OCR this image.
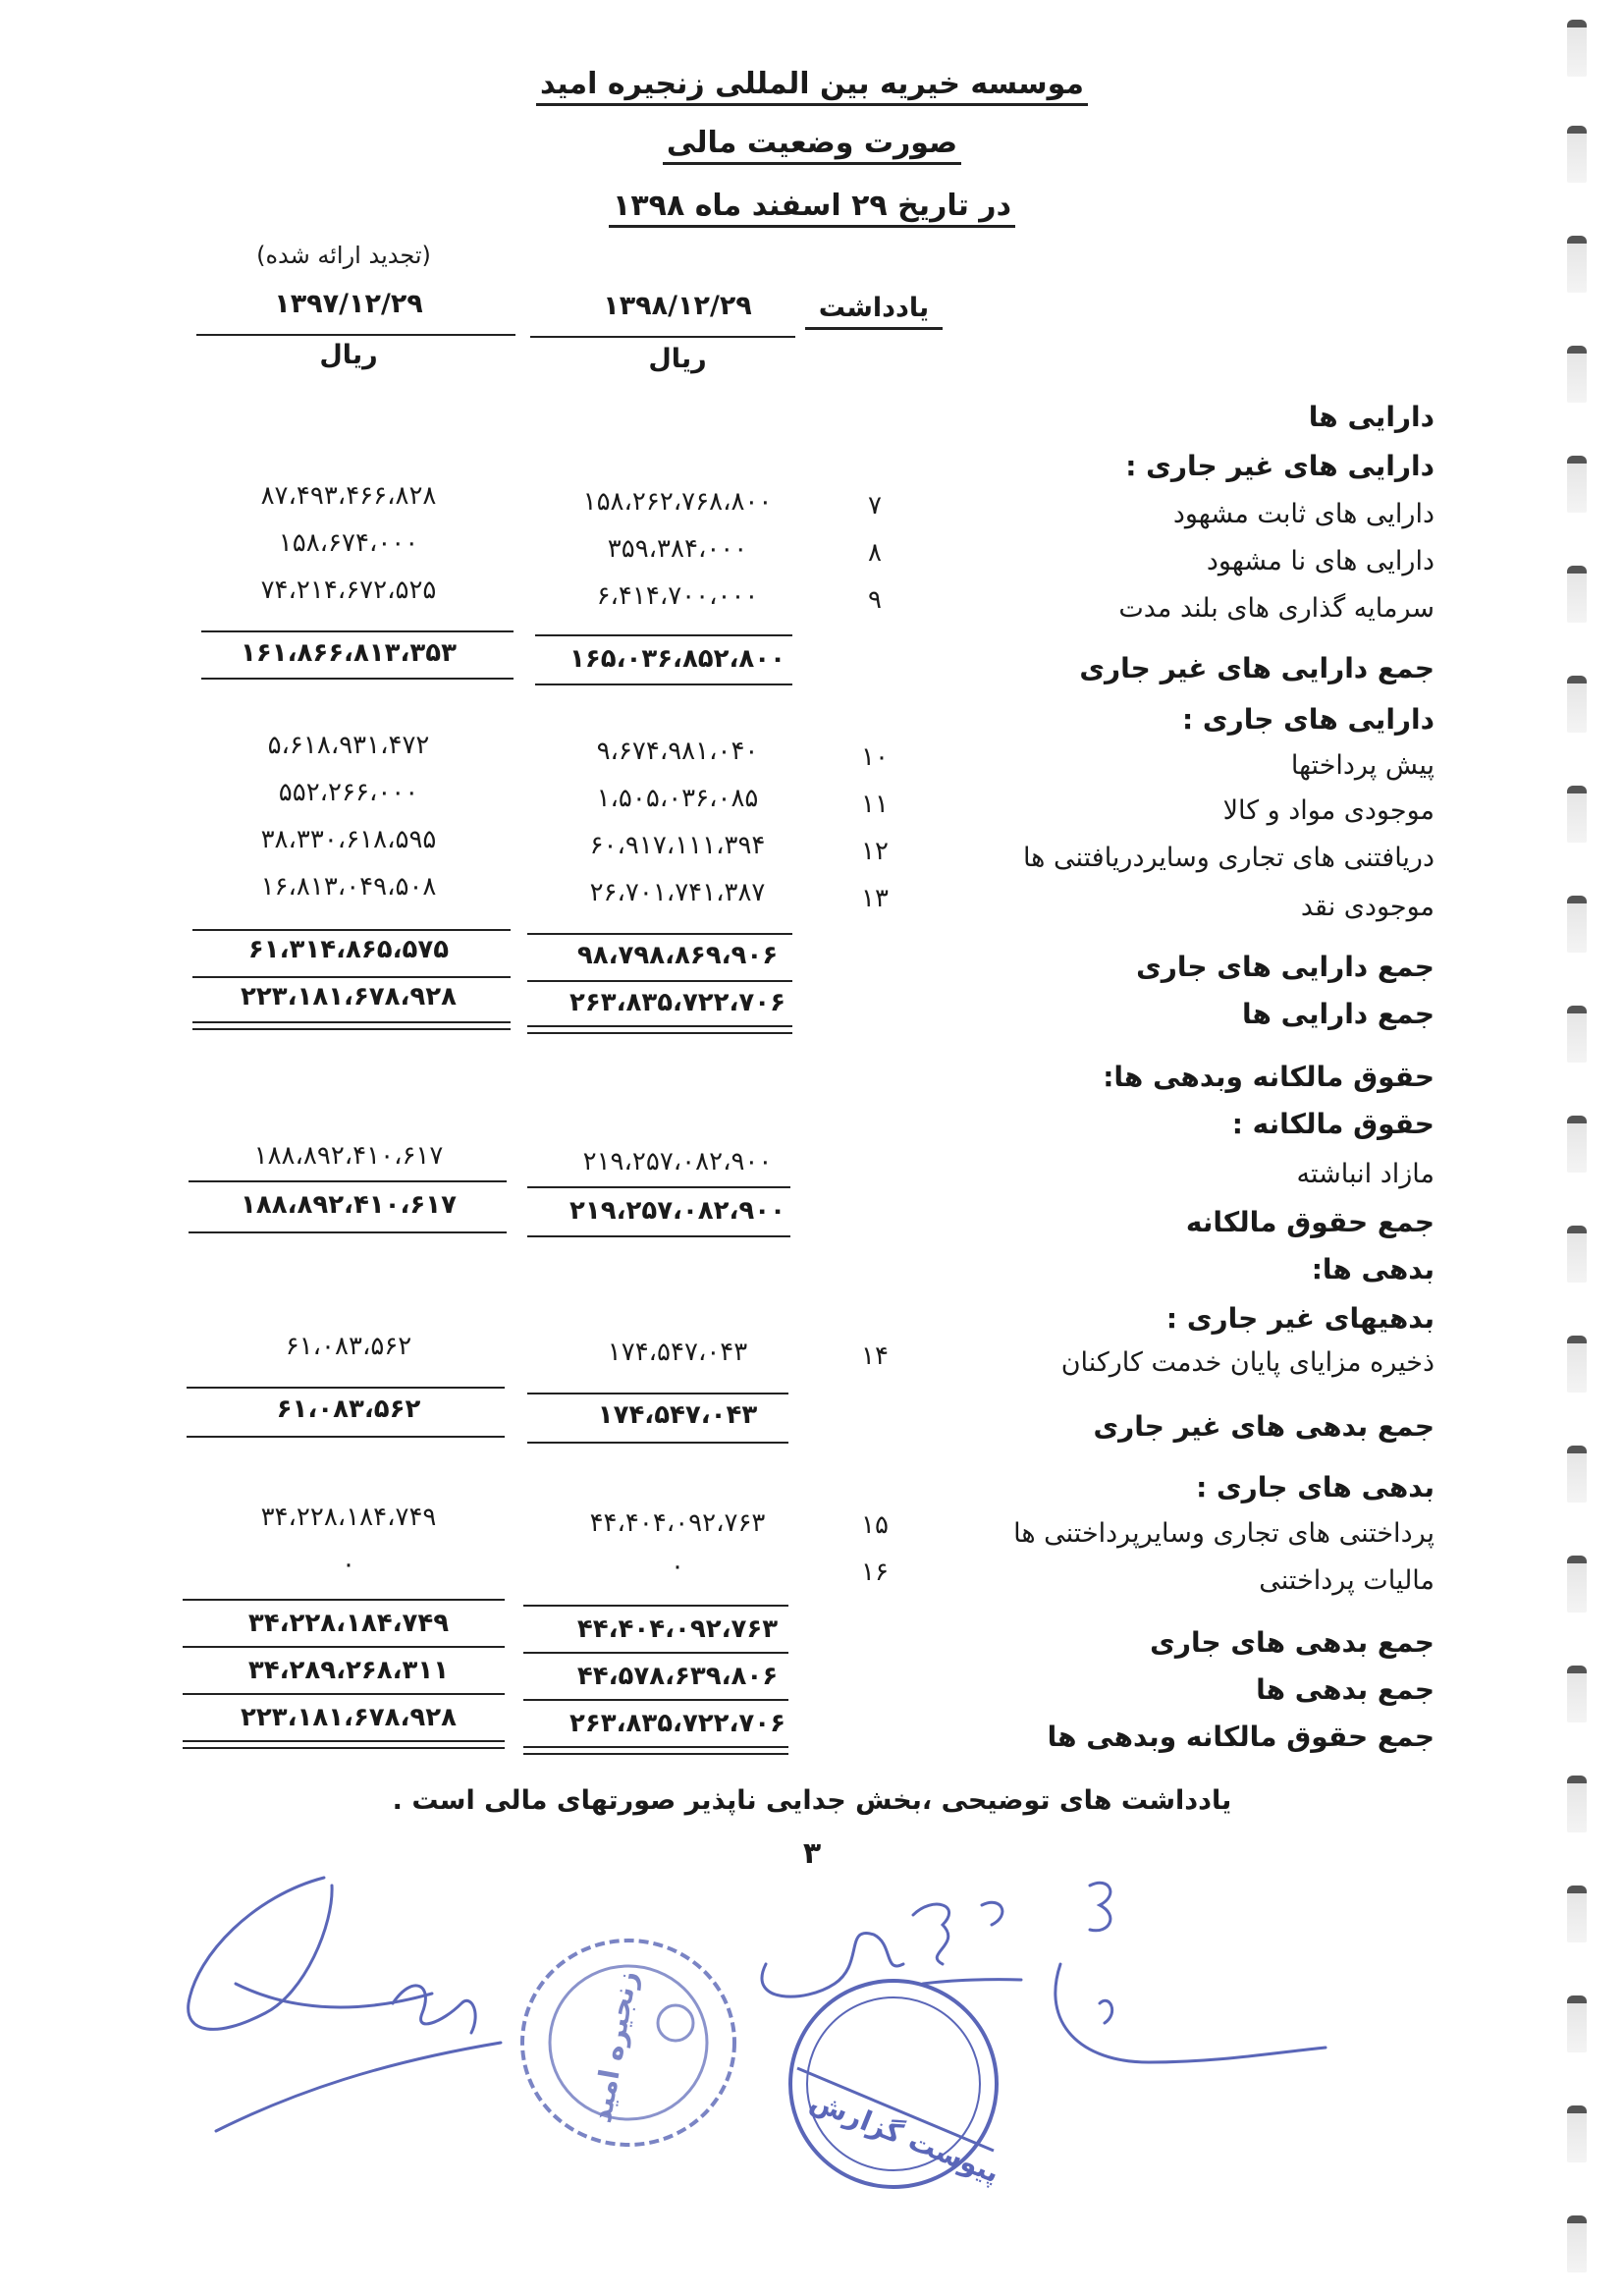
موسسه خیریه بین المللی زنجیره امید
صورت وضعیت مالی
در تاریخ ۲۹ اسفند ماه ۱۳۹۸
یادداشت
۱۳۹۸/۱۲/۲۹
(تجدید ارائه شده)
۱۳۹۷/۱۲/۲۹
ریال
ریال
دارایی ها
دارایی های غیر جاری :
دارایی های ثابت مشهود
دارایی های نا مشهود
سرمایه گذاری های بلند مدت
جمع دارایی های غیر جاری
دارایی های جاری :
پیش پرداختها
موجودی مواد و کالا
دریافتنی های تجاری وسایردریافتنی ها
موجودی نقد
جمع دارایی های جاری
جمع دارایی ها
حقوق مالکانه وبدهی ها:
حقوق مالکانه :
مازاد انباشته
جمع حقوق مالکانه
بدهی ها:
بدهیهای غیر جاری :
ذخیره مزایای پایان خدمت کارکنان
جمع بدهی های غیر جاری
بدهی های جاری :
پرداختنی های تجاری وسایرپرداختنی ها
مالیات پرداختنی
جمع بدهی های جاری
جمع بدهی ها
جمع حقوق مالکانه وبدهی ها
۷
۸
۹
۱۰
۱۱
۱۲
۱۳
۱۴
۱۵
۱۶
۱۵۸،۲۶۲،۷۶۸،۸۰۰
۳۵۹،۳۸۴،۰۰۰
۶،۴۱۴،۷۰۰،۰۰۰
۱۶۵،۰۳۶،۸۵۲،۸۰۰
۹،۶۷۴،۹۸۱،۰۴۰
۱،۵۰۵،۰۳۶،۰۸۵
۶۰،۹۱۷،۱۱۱،۳۹۴
۲۶،۷۰۱،۷۴۱،۳۸۷
۹۸،۷۹۸،۸۶۹،۹۰۶
۲۶۳،۸۳۵،۷۲۲،۷۰۶
۲۱۹،۲۵۷،۰۸۲،۹۰۰
۲۱۹،۲۵۷،۰۸۲،۹۰۰
۱۷۴،۵۴۷،۰۴۳
۱۷۴،۵۴۷،۰۴۳
۴۴،۴۰۴،۰۹۲،۷۶۳
۰
۴۴،۴۰۴،۰۹۲،۷۶۳
۴۴،۵۷۸،۶۳۹،۸۰۶
۲۶۳،۸۳۵،۷۲۲،۷۰۶
۸۷،۴۹۳،۴۶۶،۸۲۸
۱۵۸،۶۷۴،۰۰۰
۷۴،۲۱۴،۶۷۲،۵۲۵
۱۶۱،۸۶۶،۸۱۳،۳۵۳
۵،۶۱۸،۹۳۱،۴۷۲
۵۵۲،۲۶۶،۰۰۰
۳۸،۳۳۰،۶۱۸،۵۹۵
۱۶،۸۱۳،۰۴۹،۵۰۸
۶۱،۳۱۴،۸۶۵،۵۷۵
۲۲۳،۱۸۱،۶۷۸،۹۲۸
۱۸۸،۸۹۲،۴۱۰،۶۱۷
۱۸۸،۸۹۲،۴۱۰،۶۱۷
۶۱،۰۸۳،۵۶۲
۶۱،۰۸۳،۵۶۲
۳۴،۲۲۸،۱۸۴،۷۴۹
۰
۳۴،۲۲۸،۱۸۴،۷۴۹
۳۴،۲۸۹،۲۶۸،۳۱۱
۲۲۳،۱۸۱،۶۷۸،۹۲۸
یادداشت های توضیحی ،بخش جدایی ناپذیر صورتهای مالی است .
۳
زنجیره امید
پیوست گزارش
